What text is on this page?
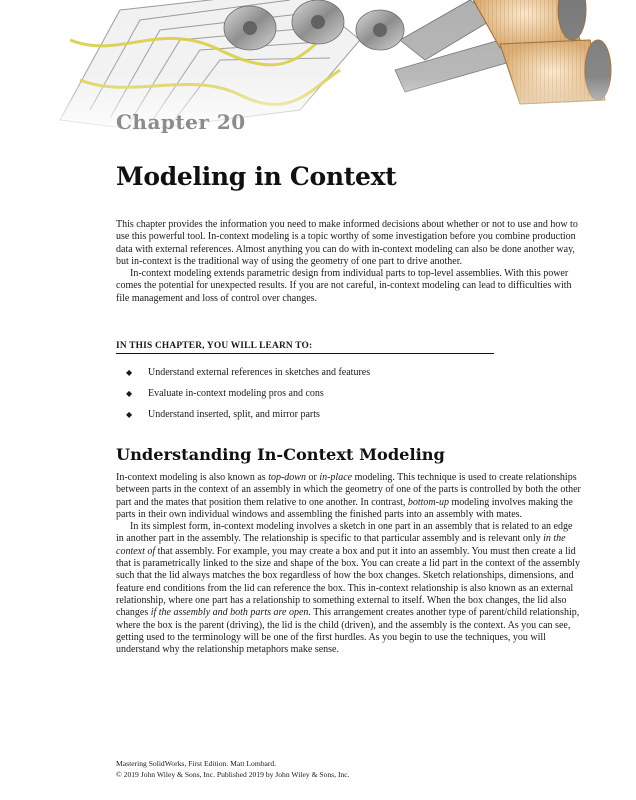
Chapter 20
Modeling in Context

This chapter provides the information you need to make informed decisions about whether or not to use and how to use this powerful tool. In-context modeling is a topic worthy of some investigation before you combine production data with external references. Almost anything you can do with in-context modeling can also be done another way, but in-context is the traditional way of using the geometry of one part to drive another.

In-context modeling extends parametric design from individual parts to top-level assemblies. With this power comes the potential for unexpected results. If you are not careful, in-context modeling can lead to difficulties with file management and loss of control over changes.

IN THIS CHAPTER, YOU WILL LEARN TO:
◆	Understand external references in sketches and features
◆	Evaluate in-context modeling pros and cons
◆	Understand inserted, split, and mirror parts
Understanding In-Context Modeling

In-context modeling is also known as top-down or in-place modeling. This technique is used to create relationships between parts in the context of an assembly in which the geometry of one of the parts is controlled by both the other part and the mates that position them relative to one another. In contrast, bottom-up modeling involves making the parts in their own individual windows and assembling the finished parts into an assembly with mates.

In its simplest form, in-context modeling involves a sketch in one part in an assembly that is related to an edge in another part in the assembly. The relationship is specific to that particular assembly and is relevant only in the context of that assembly. For example, you may create a box and put it into an assembly. You must then create a lid that is parametrically linked to the size and shape of the box. You can create a lid part in the context of the assembly such that the lid always matches the box regardless of how the box changes. Sketch relationships, dimensions, and feature end conditions from the lid can reference the box. This in-context relationship is also known as an external relationship, where one part has a relationship to something external to itself. When the box changes, the lid also changes if the assembly and both parts are open. This arrangement creates another type of parent/child relationship, where the box is the parent (driving), the lid is the child (driven), and the assembly is the context. As you can see, getting used to the terminology will be one of the first hurdles. As you begin to use the techniques, you will understand why the relationship metaphors make sense.

Mastering SolidWorks, First Edition. Matt Lombard.
© 2019 John Wiley & Sons, Inc. Published 2019 by John Wiley & Sons, Inc.
